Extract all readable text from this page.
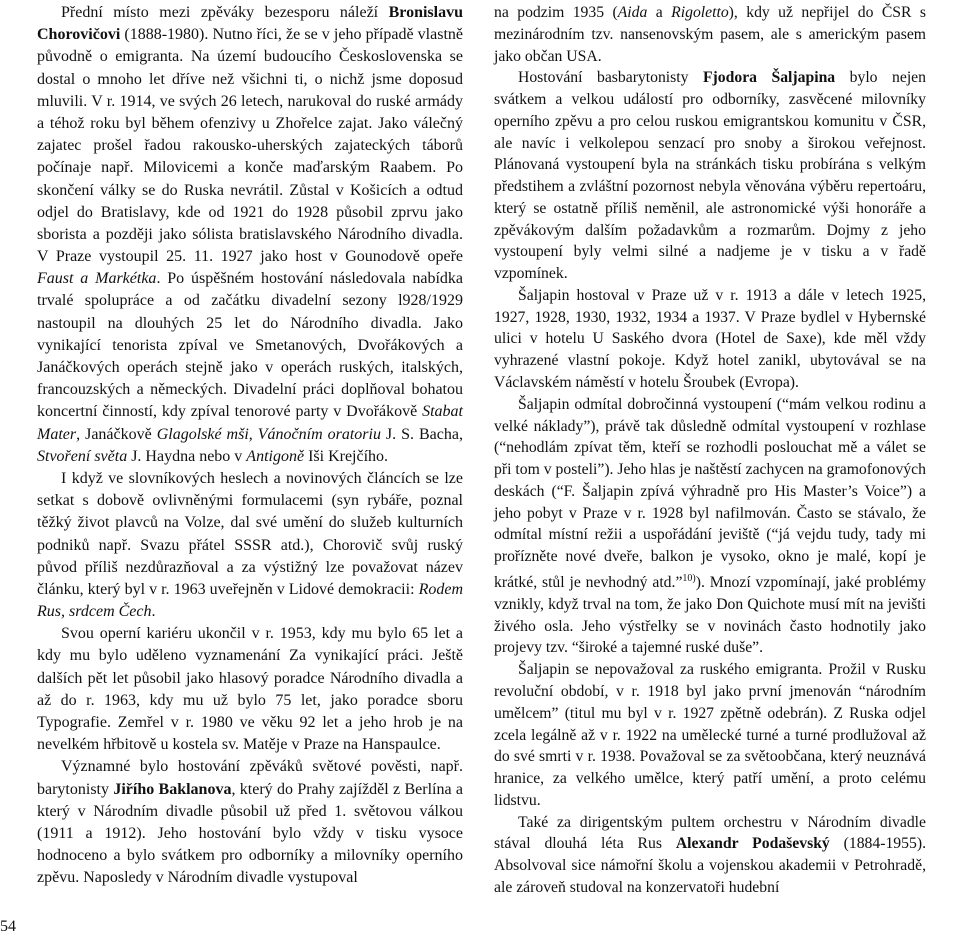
Přední místo mezi zpěváky bezesporu náleží Bronislavu Chorovičovi (1888-1980). Nutno říci, že se v jeho případě vlastně původně o emigranta. Na území budoucího Československa se dostal o mnoho let dříve než všichni ti, o nichž jsme doposud mluvili. V r. 1914, ve svých 26 letech, narukoval do ruské armády a téhož roku byl během ofenzivy u Zhořelce zajat. Jako válečný zajatec prošel řadou rakousko-uherských zajateckých táborů počínaje např. Milovicemi a konče maďarským Raabem. Po skončení války se do Ruska nevrátil. Zůstal v Košicích a odtud odjel do Bratislavy, kde od 1921 do 1928 působil zprvu jako sborista a později jako sólista bratislavského Národního divadla. V Praze vystoupil 25. 11. 1927 jako host v Gounodově opeře Faust a Markétka. Po úspěšném hostování následovala nabídka trvalé spolupráce a od začátku divadelní sezony l928/1929 nastoupil na dlouhých 25 let do Národního divadla. Jako vynikající tenorista zpíval ve Smetanových, Dvořákových a Janáčkových operách stejně jako v operách ruských, italských, francouzských a německých. Divadelní práci doplňoval bohatou koncertní činností, kdy zpíval tenorové party v Dvořákově Stabat Mater, Janáčkově Glagolské mši, Vánočním oratoriu J. S. Bacha, Stvoření světa J. Haydna nebo v Antigoně Iši Krejčího.

I když ve slovníkových heslech a novinových článcích se lze setkat s dobově ovlivněnými formulacemi (syn rybáře, poznal těžký život plavců na Volze, dal své umění do služeb kulturních podniků např. Svazu přátel SSSR atd.), Chorovič svůj ruský původ příliš nezdůrazňoval a za výstižný lze považovat název článku, který byl v r. 1963 uveřejněn v Lidové demokracii: Rodem Rus, srdcem Čech.

Svou operní kariéru ukončil v r. 1953, kdy mu bylo 65 let a kdy mu bylo uděleno vyznamenání Za vynikající práci. Ještě dalších pět let působil jako hlasový poradce Národního divadla a až do r. 1963, kdy mu už bylo 75 let, jako poradce sboru Typografie. Zemřel v r. 1980 ve věku 92 let a jeho hrob je na nevelkém hřbitově u kostela sv. Matěje v Praze na Hanspaulce.

Významné bylo hostování zpěváků světové pověsti, např. barytonisty Jiřího Baklanova, který do Prahy zajížděl z Berlína a který v Národním divadle působil už před 1. světovou válkou (1911 a 1912). Jeho hostování bylo vždy v tisku vysoce hodnoceno a bylo svátkem pro odborníky a milovníky operního zpěvu. Naposledy v Národním divadle vystupoval

na podzim 1935 (Aida a Rigoletto), kdy už nepřijel do ČSR s mezinárodním tzv. nansenovským pasem, ale s americkým pasem jako občan USA.

Hostování basbarytonisty Fjodora Šaljapina bylo nejen svátkem a velkou událostí pro odborníky, zasvěcené milovníky operního zpěvu a pro celou ruskou emigrantskou komunitu v ČSR, ale navíc i velkolepou senzací pro snoby a širokou veřejnost. Plánovaná vystoupení byla na stránkách tisku probírána s velkým předstihem a zvláštní pozornost nebyla věnována výběru repertoáru, který se ostatně příliš neměnil, ale astronomické výši honoráře a zpěvákovým dalším požadavkům a rozmarům. Dojmy z jeho vystoupení byly velmi silné a nadjeme je v tisku a v řadě vzpomínek.

Šaljapin hostoval v Praze už v r. 1913 a dále v letech 1925, 1927, 1928, 1930, 1932, 1934 a 1937. V Praze bydlel v Hybernské ulici v hotelu U Saského dvora (Hotel de Saxe), kde měl vždy vyhrazené vlastní pokoje. Když hotel zanikl, ubytovával se na Václavském náměstí v hotelu Šroubek (Evropa).

Šaljapin odmítal dobročinná vystoupení (“mám velkou rodinu a velké náklady”), právě tak důsledně odmítal vystoupení v rozhlase (“nehodlám zpívat těm, kteří se rozhodli poslouchat mě a válet se při tom v posteli”). Jeho hlas je naštěstí zachycen na gramofonových deskách (“F. Šaljapin zpívá výhradně pro His Master’s Voice”) a jeho pobyt v Praze v r. 1928 byl nafilmován. Často se stávalo, že odmítal místní režii a uspořádání jeviště (“já vejdu tudy, tady mi prořízněte nové dveře, balkon je vysoko, okno je malé, kopí je krátké, stůl je nevhodný atd.”$^{10)}$). Mnozí vzpomínají, jaké problémy vznikly, když trval na tom, že jako Don Quichote musí mít na jevišti živého osla. Jeho výstřelky se v novinách často hodnotily jako projevy tzv. “široké a tajemné ruské duše”.

Šaljapin se nepovažoval za ruského emigranta. Prožil v Rusku revoluční období, v r. 1918 byl jako první jmenován “národním umělcem” (titul mu byl v r. 1927 zpětně odebrán). Z Ruska odjel zcela legálně až v r. 1922 na umělecké turné a turné prodlužoval až do své smrti v r. 1938. Považoval se za světoobčana, který neuznává hranice, za velkého umělce, který patří umění, a proto celému lidstvu.

Také za dirigentským pultem orchestru v Národním divadle stával dlouhá léta Rus Alexandr Podaševský (1884-1955). Absolvoval sice námořní školu a vojenskou akademii v Petrohradě, ale zároveň studoval na konzervatoři hudební

54
